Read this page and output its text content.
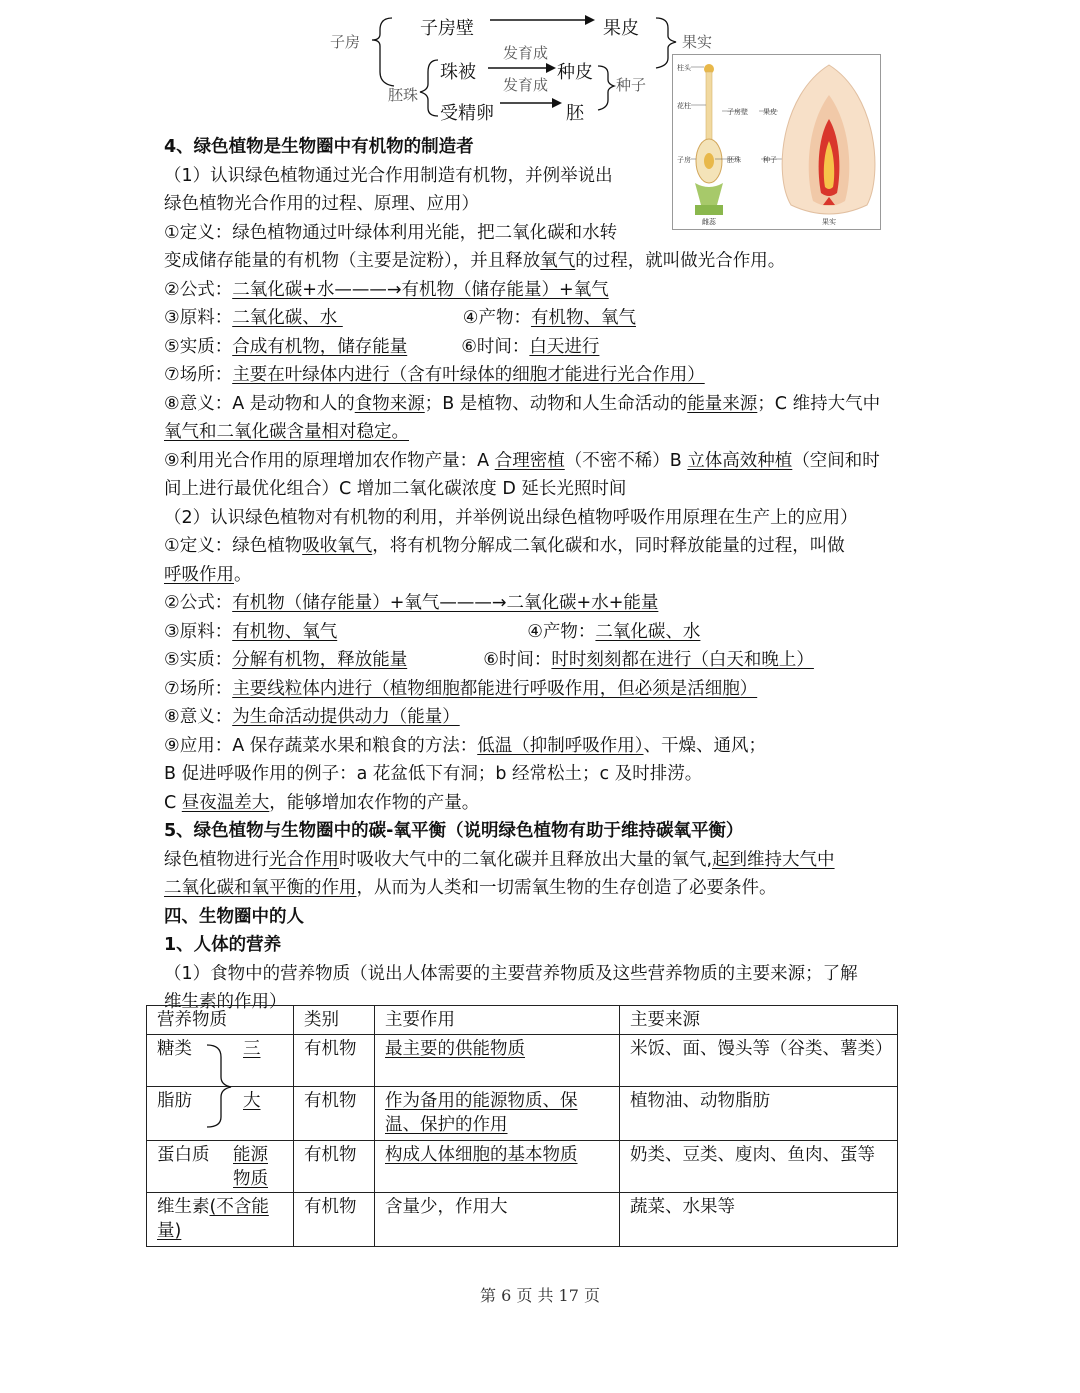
子房
子房壁	果皮
果实
发育成
珠被	种皮
种子
胚珠
发育成
受精卵	胚
柱头
花柱
子房
子房壁 果皮
胚珠	种子
雌蕊	果实
4、绿色植物是生物圈中有机物的制造者
（1）认识绿色植物通过光合作用制造有机物，并例举说出
绿色植物光合作用的过程、原理、应用）
①定义：绿色植物通过叶绿体利用光能，把二氧化碳和水转
变成储存能量的有机物（主要是淀粉），并且释放氧气的过程，就叫做光合作用。
②公式：二氧化碳+水———→有机物（储存能量）+氧气
③原料：二氧化碳、水	④产物：有机物、氧气
⑤实质：合成有机物，储存能量	⑥时间：白天进行
⑦场所：主要在叶绿体内进行（含有叶绿体的细胞才能进行光合作用）
⑧意义：A 是动物和人的食物来源；B 是植物、动物和人生命活动的能量来源；C 维持大气中
氧气和二氧化碳含量相对稳定。
⑨利用光合作用的原理增加农作物产量：A 合理密植（不密不稀）B 立体高效种植（空间和时
间上进行最优化组合）C 增加二氧化碳浓度 D 延长光照时间
（2）认识绿色植物对有机物的利用，并举例说出绿色植物呼吸作用原理在生产上的应用）
①定义：绿色植物吸收氧气，将有机物分解成二氧化碳和水，同时释放能量的过程，叫做
呼吸作用。
②公式：有机物（储存能量）+氧气———→二氧化碳+水+能量
③原料：有机物、氧气	④产物：二氧化碳、水
⑤实质：分解有机物，释放能量	⑥时间：时时刻刻都在进行（白天和晚上）
⑦场所：主要线粒体内进行（植物细胞都能进行呼吸作用，但必须是活细胞）
⑧意义：为生命活动提供动力（能量）
⑨应用：A 保存蔬菜水果和粮食的方法：低温（抑制呼吸作用）、干燥、通风；
B 促进呼吸作用的例子：a 花盆低下有洞；b 经常松土；c 及时排涝。
C 昼夜温差大，能够增加农作物的产量。
5、绿色植物与生物圈中的碳-氧平衡（说明绿色植物有助于维持碳氧平衡）
绿色植物进行光合作用时吸收大气中的二氧化碳并且释放出大量的氧气,起到维持大气中
二氧化碳和氧平衡的作用，从而为人类和一切需氧生物的生存创造了必要条件。
四、生物圈中的人
1、人体的营养
（1）食物中的营养物质（说出人体需要的主要营养物质及这些营养物质的主要来源；了解
维生素的作用）
营养物质	类别	主要作用	主要来源
糖类 三	有机物	最主要的供能物质	米饭、面、馒头等（谷类、薯类）
脂肪 大	有机物	作为备用的能源物质、保温、保护的作用	植物油、动物脂肪
蛋白质 能源物质	有机物	构成人体细胞的基本物质	奶类、豆类、廋肉、鱼肉、蛋等
维生素(不含能量)	有机物	含量少，作用大	蔬菜、水果等
第 6 页 共 17 页
